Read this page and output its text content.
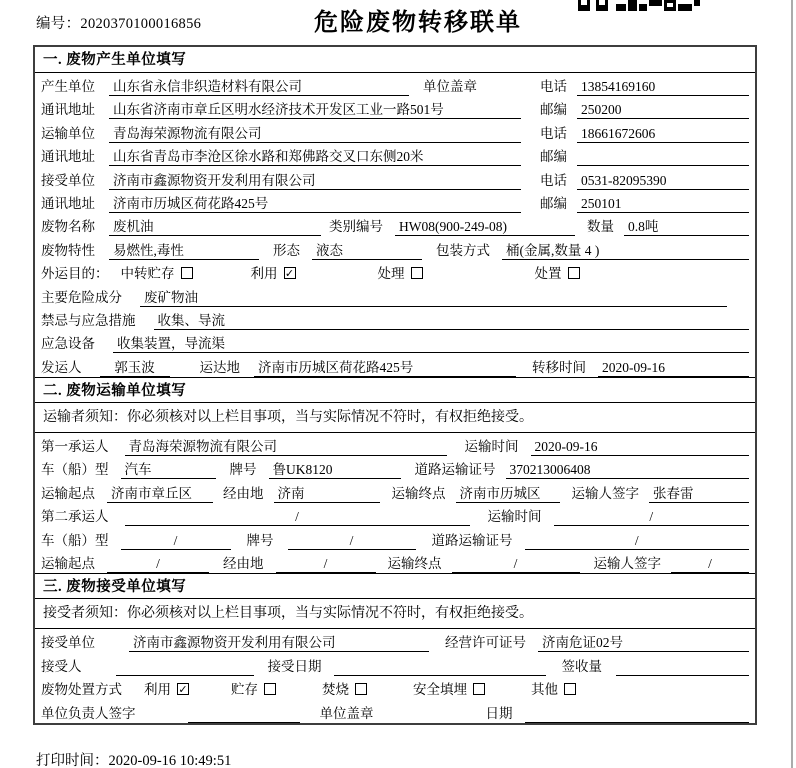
编号：2020370100016856	危险废物转移联单
一. 废物产生单位填写
产生单位 山东省永信非织造材料有限公司	单位盖章	电话 13854169160
通讯地址 山东省济南市章丘区明水经济技术开发区工业一路501号	邮编 250200
运输单位 青岛海荣源物流有限公司	电话 18661672606
通讯地址 山东省青岛市李沧区徐水路和郑佛路交叉口东侧20米	邮编
接受单位 济南市鑫源物资开发利用有限公司	电话 0531-82095390
通讯地址 济南市历城区荷花路425号	邮编 250101
废物名称 废机油	类别编号 HW08(900-249-08)	数量 0.8吨
废物特性 易燃性,毒性	形态 液态	包装方式 桶(金属,数量 4 )
外运目的： 中转贮存	利用 ✓	处理	处置
主要危险成分 废矿物油
禁忌与应急措施 收集、导流
应急设备 收集装置，导流渠
发运人	郭玉波	运达地 济南市历城区荷花路425号	转移时间 2020-09-16
二. 废物运输单位填写
运输者须知：你必须核对以上栏目事项，当与实际情况不符时，有权拒绝接受。
第一承运人 青岛海荣源物流有限公司	运输时间 2020-09-16
车（船）型 汽车	牌号 鲁UK8120	道路运输证号 370213006408
运输起点 济南市章丘区	经由地 济南	运输终点 济南市历城区	运输人签字 张春雷
第二承运人	/	运输时间	/
车（船）型	/	牌号	/	道路运输证号	/
运输起点	/	经由地	/	运输终点	/	运输人签字	/
三. 废物接受单位填写
接受者须知：你必须核对以上栏目事项，当与实际情况不符时，有权拒绝接受。
接受单位	济南市鑫源物资开发利用有限公司	经营许可证号 济南危证02号
接受人	接受日期	签收量
废物处置方式 利用 ✓	贮存	焚烧	安全填埋	其他
单位负责人签字	单位盖章	日期
打印时间：2020-09-16 10:49:51
